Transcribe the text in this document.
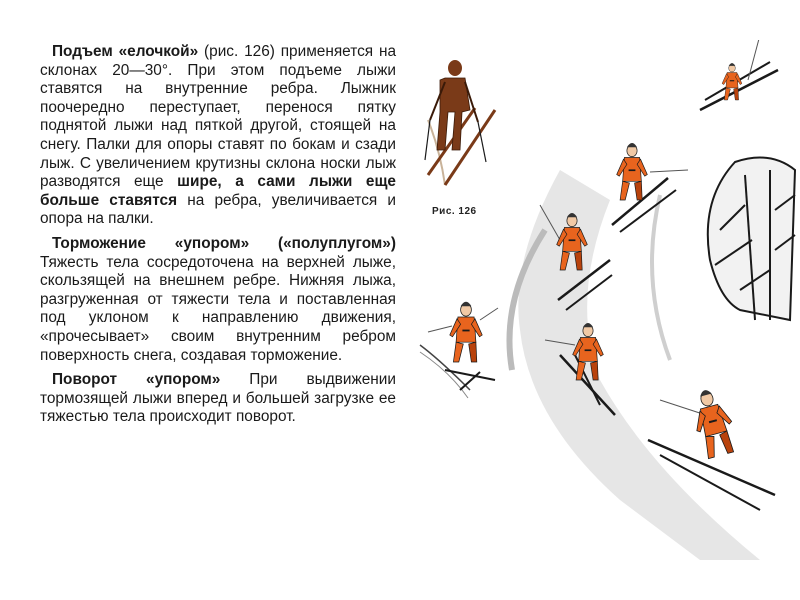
Подъем «елочкой» (рис. 126) применяется на склонах 20—30°. При этом подъеме лыжи ставятся на внутренние ребра. Лыжник поочередно переступает, перенося пятку поднятой лыжи над пяткой другой, стоящей на снегу. Палки для опоры ставят по бокам и сзади лыж. С увеличением крутизны склона носки лыж разводятся еще шире, а сами лыжи еще больше ставятся на ребра, увеличивается и опора на палки.

Торможение «упором» («полуплугом») Тяжесть тела сосредоточена на верхней лыже, скользящей на внешнем ребре. Нижняя лыжа, разгруженная от тяжести тела и поставленная под уклоном к направлению движения, «прочесывает» своим внутренним ребром поверхность снега, создавая торможение.

Поворот «упором» При выдвижении тормозящей лыжи вперед и большей загрузке ее тяжестью тела происходит поворот.

Рис. 126
